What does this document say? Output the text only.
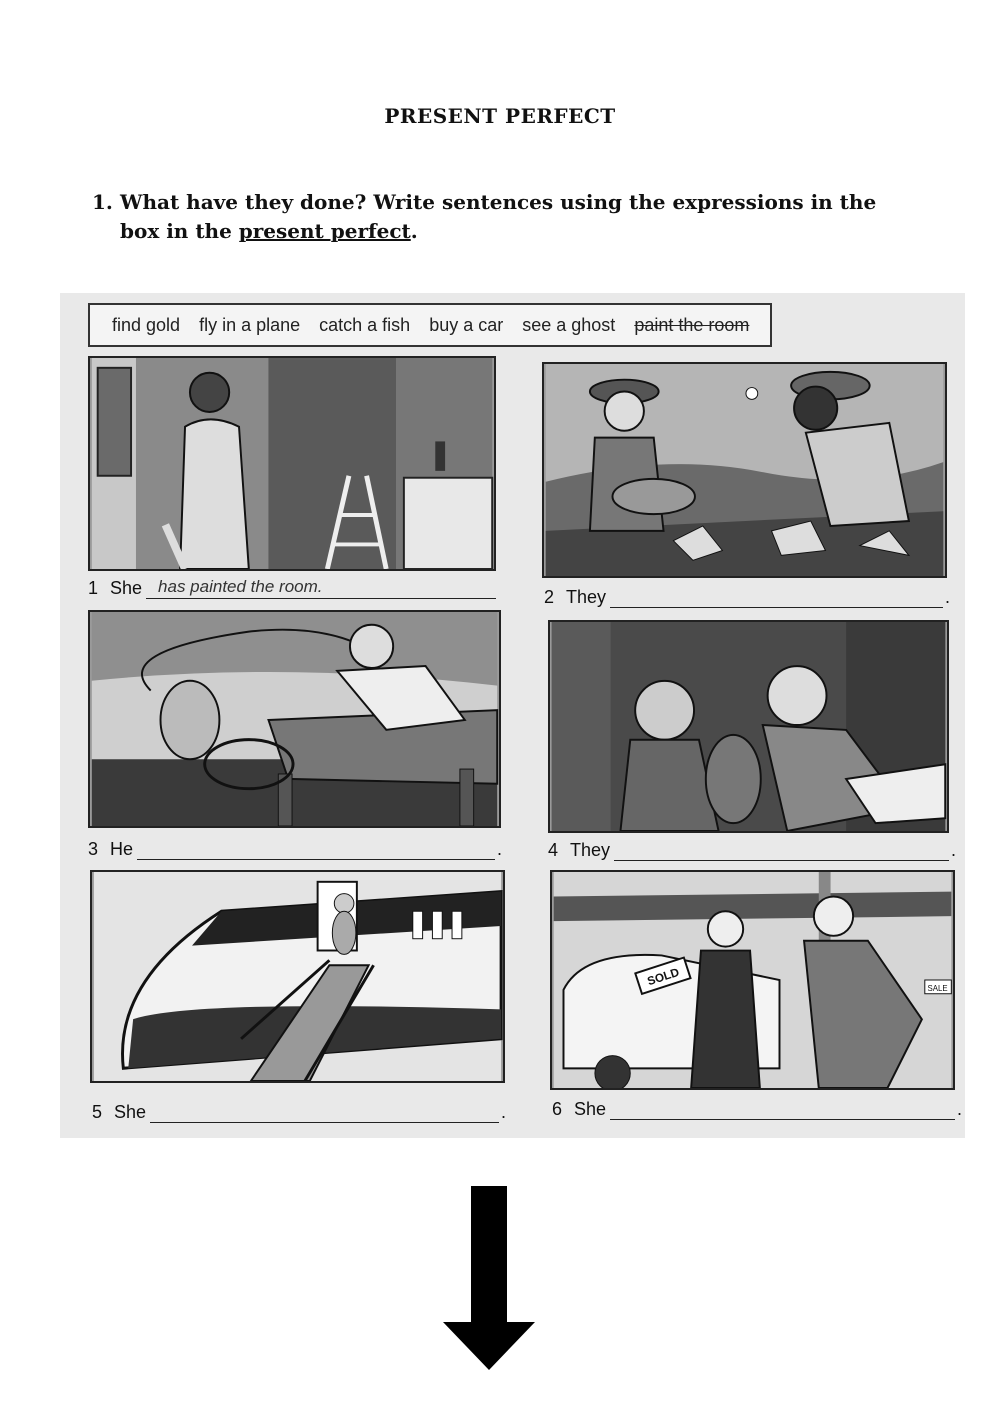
PRESENT PERFECT
1. What have they done? Write sentences using the expressions in the
box in the present perfect.
find gold fly in a plane catch a fish buy a car see a ghost paint the room
1 She has painted the room.
2 They	.
3 He	.	4 They	.
SOLD
SALE
5 She	.	6 She	.
